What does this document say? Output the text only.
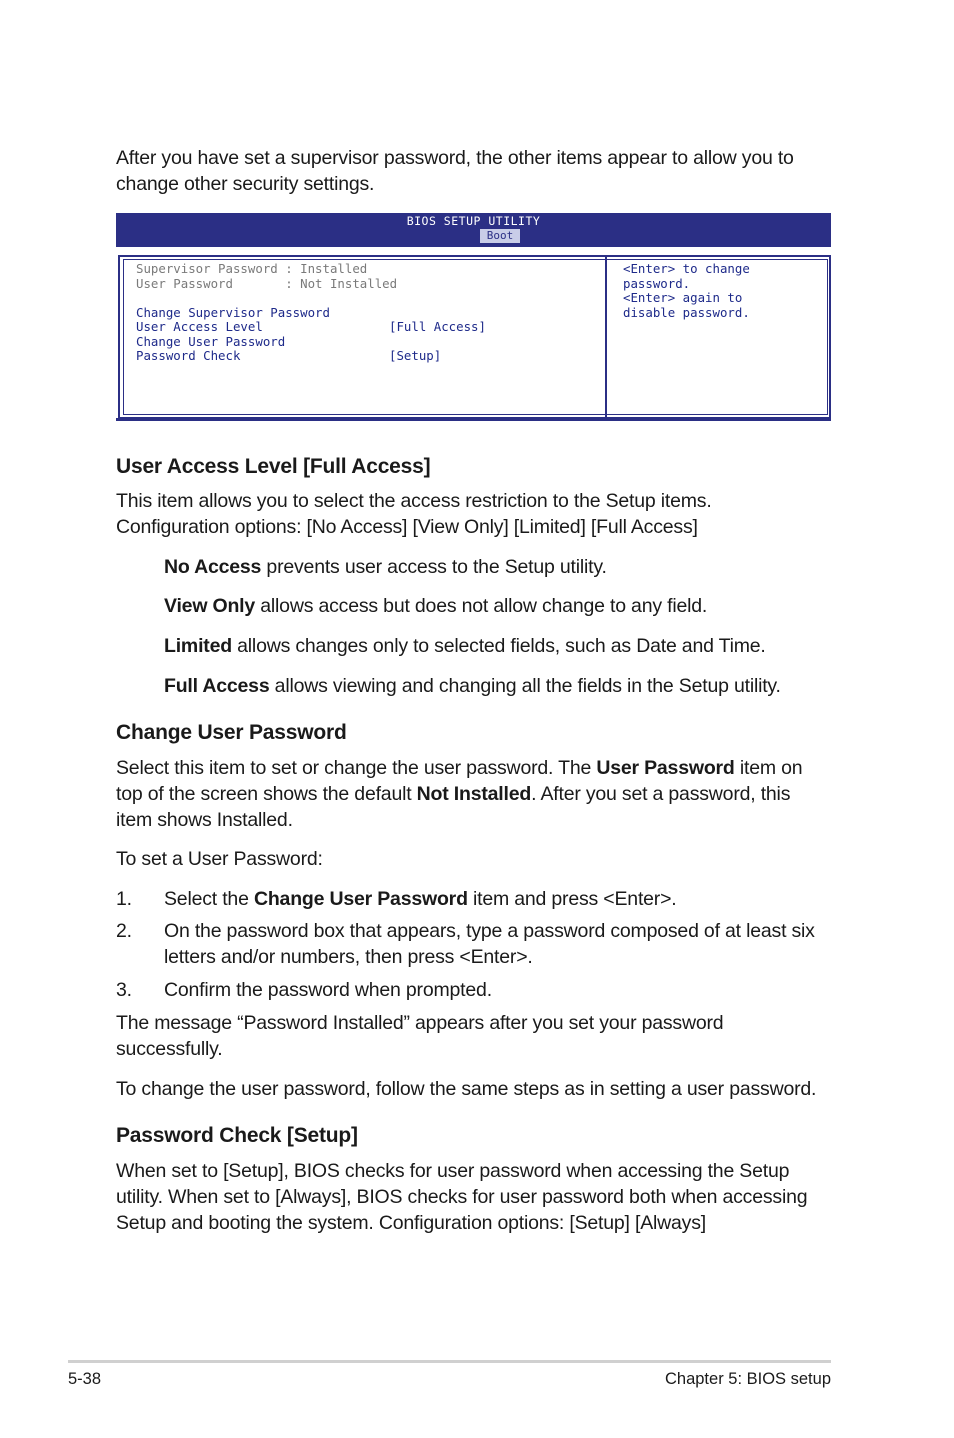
After you have set a supervisor password, the other items appear to allow you to change other security settings.
BIOS SETUP UTILITY
Boot
Supervisor Password : Installed
User Password       : Not Installed
Change Supervisor Password
User Access Level	[Full Access]
Change User Password
Password Check	[Setup]
<Enter> to change
password.
<Enter> again to
disable password.
User Access Level [Full Access]
This item allows you to select the access restriction to the Setup items.
Configuration options: [No Access] [View Only] [Limited] [Full Access]
No Access prevents user access to the Setup utility.
View Only allows access but does not allow change to any field.
Limited allows changes only to selected fields, such as Date and Time.
Full Access allows viewing and changing all the fields in the Setup utility.
Change User Password
Select this item to set or change the user password. The User Password item on
top of the screen shows the default Not Installed. After you set a password, this
item shows Installed.
To set a User Password:
1. Select the Change User Password item and press <Enter>.
2. On the password box that appears, type a password composed of at least six
letters and/or numbers, then press <Enter>.
3. Confirm the password when prompted.
The message “Password Installed” appears after you set your password
successfully.
To change the user password, follow the same steps as in setting a user password.
Password Check [Setup]
When set to [Setup], BIOS checks for user password when accessing the Setup
utility. When set to [Always], BIOS checks for user password both when accessing
Setup and booting the system. Configuration options: [Setup] [Always]
5-38	Chapter 5: BIOS setup
